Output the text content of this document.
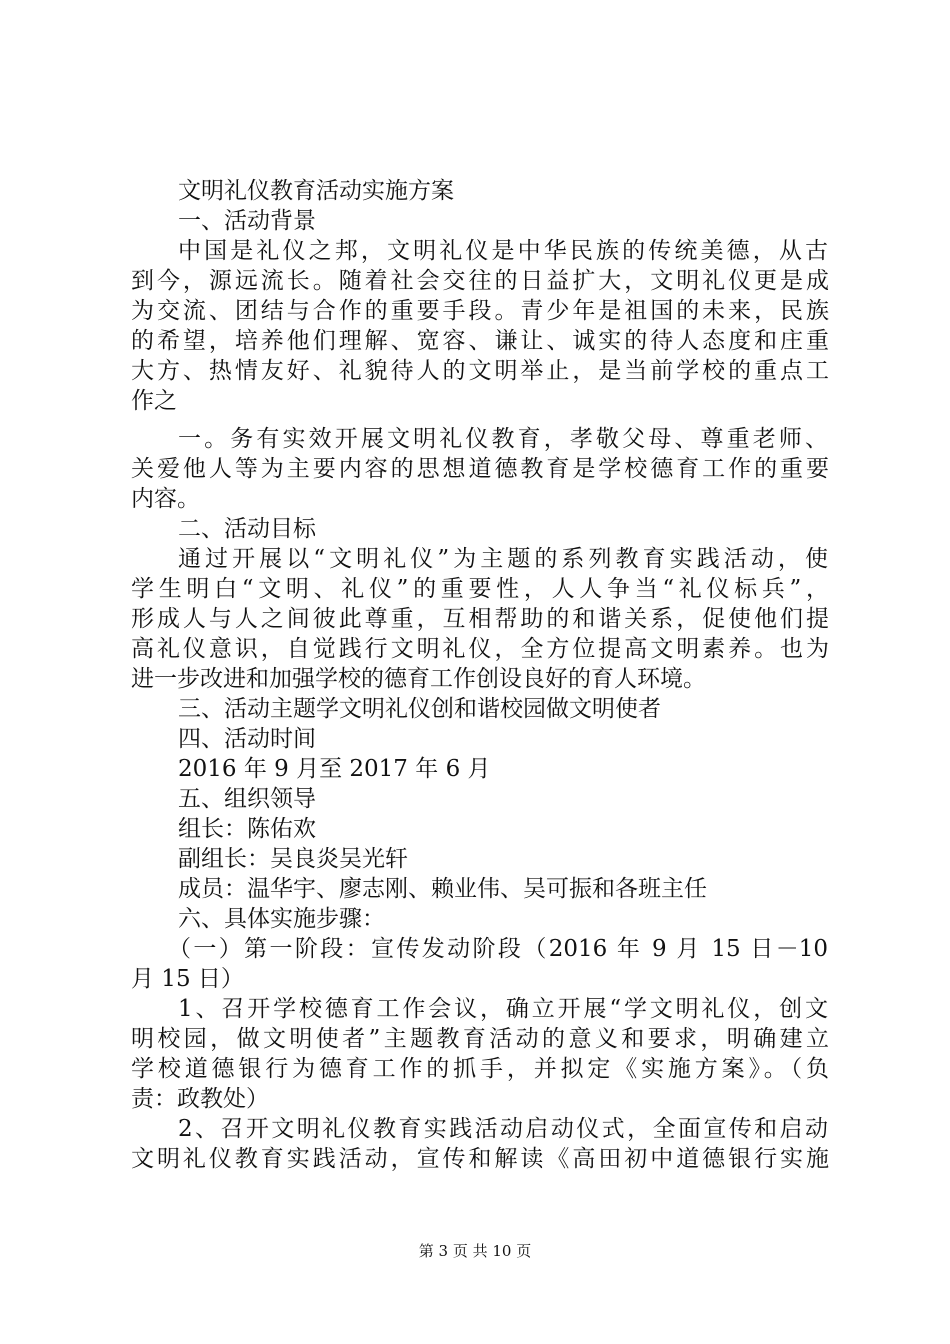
文明礼仪教育活动实施方案
一、活动背景
中国是礼仪之邦，文明礼仪是中华民族的传统美德，从古
到今，源远流长。随着社会交往的日益扩大，文明礼仪更是成
为交流、团结与合作的重要手段。青少年是祖国的未来，民族
的希望，培养他们理解、宽容、谦让、诚实的待人态度和庄重
大方、热情友好、礼貌待人的文明举止，是当前学校的重点工
作之
一。务有实效开展文明礼仪教育，孝敬父母、尊重老师、
关爱他人等为主要内容的思想道德教育是学校德育工作的重要
内容。
二、活动目标
通过开展以“文明礼仪”为主题的系列教育实践活动，使
学生明白“文明、礼仪”的重要性，人人争当“礼仪标兵”，
形成人与人之间彼此尊重，互相帮助的和谐关系，促使他们提
高礼仪意识，自觉践行文明礼仪，全方位提高文明素养。也为
进一步改进和加强学校的德育工作创设良好的育人环境。
三、活动主题学文明礼仪创和谐校园做文明使者
四、活动时间
2016 年 9 月至 2017 年 6 月
五、组织领导
组长：陈佑欢
副组长：吴良炎吴光轩
成员：温华宇、廖志刚、赖业伟、吴可振和各班主任
六、具体实施步骤：
（一）第一阶段：宣传发动阶段（2016 年 9 月 15 日－10
月 15 日）
1、召开学校德育工作会议，确立开展“学文明礼仪，创文
明校园，做文明使者”主题教育活动的意义和要求，明确建立
学校道德银行为德育工作的抓手，并拟定《实施方案》。（负
责：政教处）
2、召开文明礼仪教育实践活动启动仪式，全面宣传和启动
文明礼仪教育实践活动，宣传和解读《高田初中道德银行实施
第 3 页 共 10 页
